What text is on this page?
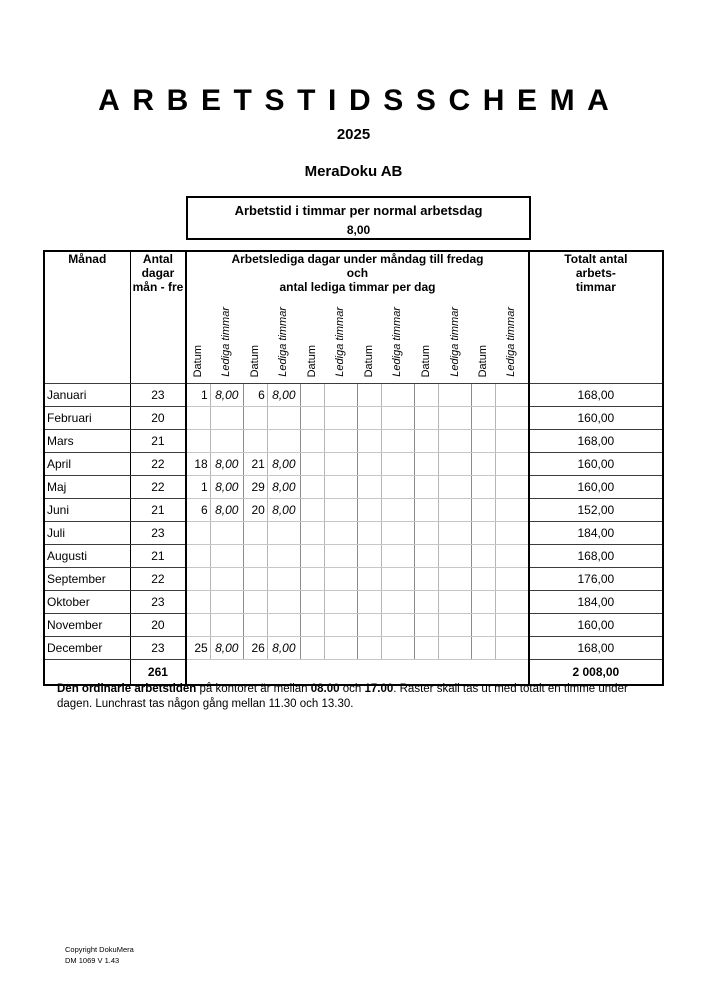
ARBETSTIDSSCHEMA
2025
MeraDoku AB
Arbetstid i timmar per normal arbetsdag
8,00
Månad	Antal
dagar
mån - fre

Arbetslediga dagar under måndag till fredag
och
antal lediga timmar per dag

Totalt antal
arbets-
timmar

		Datum	Lediga timmar	Datum	Lediga timmar	Datum	Lediga timmar	Datum	Lediga timmar	Datum	Lediga timmar	Datum	Lediga timmar	
Januari	23	1	8,00	6	8,00									168,00
Februari	20													160,00
Mars	21													168,00
April	22	18	8,00	21	8,00									160,00
Maj	22	1	8,00	29	8,00									160,00
Juni	21	6	8,00	20	8,00									152,00
Juli	23													184,00
Augusti	21													168,00
September	22													176,00
Oktober	23													184,00
November	20													160,00
December	23	25	8,00	26	8,00									168,00
	261													2 008,00
Den ordinarie arbetstiden på kontoret är mellan 08.00 och 17.00. Raster skall tas ut med totalt en timme under dagen. Lunchrast tas någon gång mellan 11.30 och 13.30.
Copyright DokuMera
DM 1069 V 1.43
